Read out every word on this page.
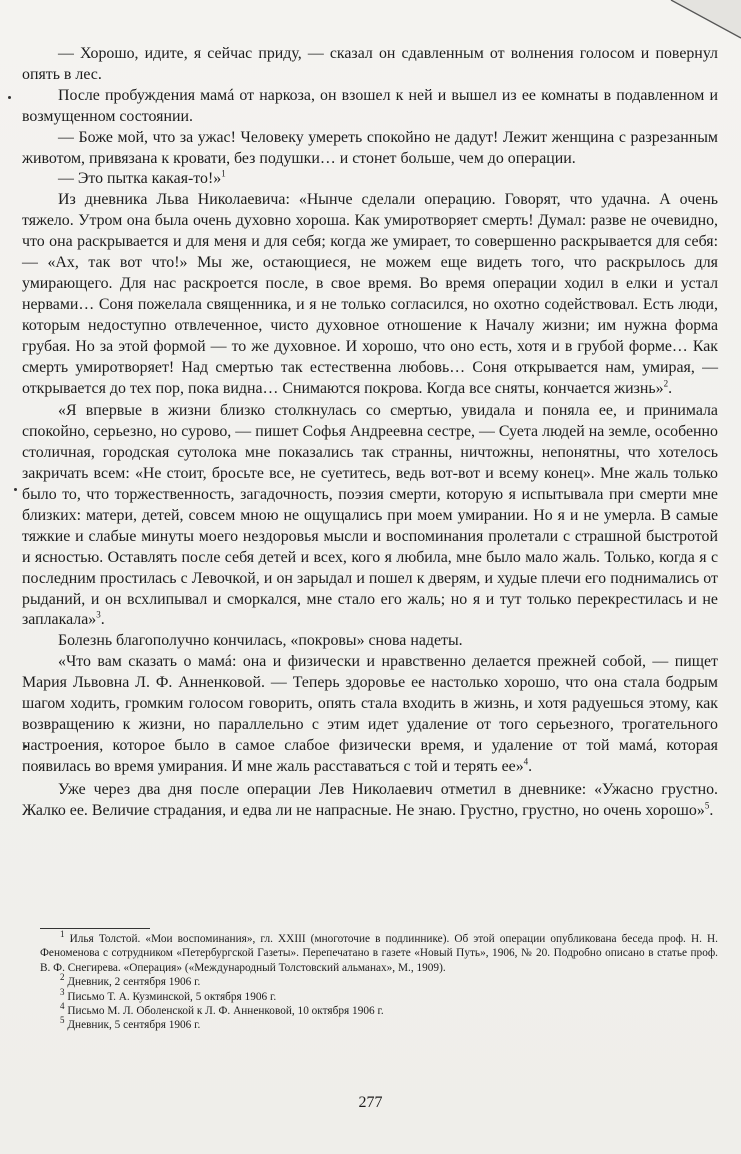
— Хорошо, идите, я сейчас приду, — сказал он сдавленным от волнения голосом и повернул опять в лес.

После пробуждения мамá от наркоза, он взошел к ней и вышел из ее комнаты в подавленном и возмущенном состоянии.

— Боже мой, что за ужас! Человеку умереть спокойно не дадут! Лежит женщина с разрезанным животом, привязана к кровати, без подушки… и стонет больше, чем до операции.

— Это пытка какая-то!»$^1$

Из дневника Льва Николаевича: «Нынче сделали операцию. Говорят, что удачна. А очень тяжело. Утром она была очень духовно хороша. Как умиротворяет смерть! Думал: разве не очевидно, что она раскрывается и для меня и для себя; когда же умирает, то совершенно раскрывается для себя: — «Ах, так вот что!» Мы же, остающиеся, не можем еще видеть того, что раскрылось для умирающего. Для нас раскроется после, в свое время. Во время операции ходил в елки и устал нервами… Соня пожелала священника, и я не только согласился, но охотно содействовал. Есть люди, которым недоступно отвлеченное, чисто духовное отношение к Началу жизни; им нужна форма грубая. Но за этой формой — то же духовное. И хорошо, что оно есть, хотя и в грубой форме… Как смерть умиротворяет! Над смертью так естественна любовь… Соня открывается нам, умирая, — открывается до тех пор, пока видна… Снимаются покрова. Когда все сняты, кончается жизнь»$^2$.

«Я впервые в жизни близко столкнулась со смертью, увидала и поняла ее, и принимала спокойно, серьезно, но сурово, — пишет Софья Андреевна сестре, — Суета людей на земле, особенно столичная, городская сутолока мне показались так странны, ничтожны, непонятны, что хотелось закричать всем: «Не стоит, бросьте все, не суетитесь, ведь вот-вот и всему конец». Мне жаль только было то, что торжественность, загадочность, поэзия смерти, которую я испытывала при смерти мне близких: матери, детей, совсем мною не ощущались при моем умирании. Но я и не умерла. В самые тяжкие и слабые минуты моего нездоровья мысли и воспоминания пролетали с страшной быстротой и ясностью. Оставлять после себя детей и всех, кого я любила, мне было мало жаль. Только, когда я с последним простилась с Левочкой, и он зарыдал и пошел к дверям, и худые плечи его поднимались от рыданий, и он всхлипывал и сморкался, мне стало его жаль; но я и тут только перекрестилась и не заплакала»$^3$.

Болезнь благополучно кончилась, «покровы» снова надеты.

«Что вам сказать о мамá: она и физически и нравственно делается прежней собой, — пищет Мария Львовна Л. Ф. Анненковой. — Теперь здоровье ее настолько хорошо, что она стала бодрым шагом ходить, громким голосом говорить, опять стала входить в жизнь, и хотя радуешься этому, как возвращению к жизни, но параллельно с этим идет удаление от того серьезного, трогательного настроения, которое было в самое слабое физически время, и удаление от той мамá, которая появилась во время умирания. И мне жаль расставаться с той и терять ее»$^4$.

Уже через два дня после операции Лев Николаевич отметил в дневнике: «Ужасно грустно. Жалко ее. Величие страдания, и едва ли не напрасные. Не знаю. Грустно, грустно, но очень хорошо»$^5$.

$^1$ Илья Толстой. «Мои воспоминания», гл. XXIII (многоточие в подлиннике). Об этой операции опубликована беседа проф. Н. Н. Феноменова с сотрудником «Петербургской Газеты». Перепечатано в газете «Новый Путь», 1906, № 20. Подробно описано в статье проф. В. Ф. Снегирева. «Операция» («Международный Толстовский альманах», М., 1909).

$^2$ Дневник, 2 сентября 1906 г.

$^3$ Письмо Т. А. Кузминской, 5 октября 1906 г.

$^4$ Письмо М. Л. Оболенской к Л. Ф. Анненковой, 10 октября 1906 г.

$^5$ Дневник, 5 сентября 1906 г.

277
